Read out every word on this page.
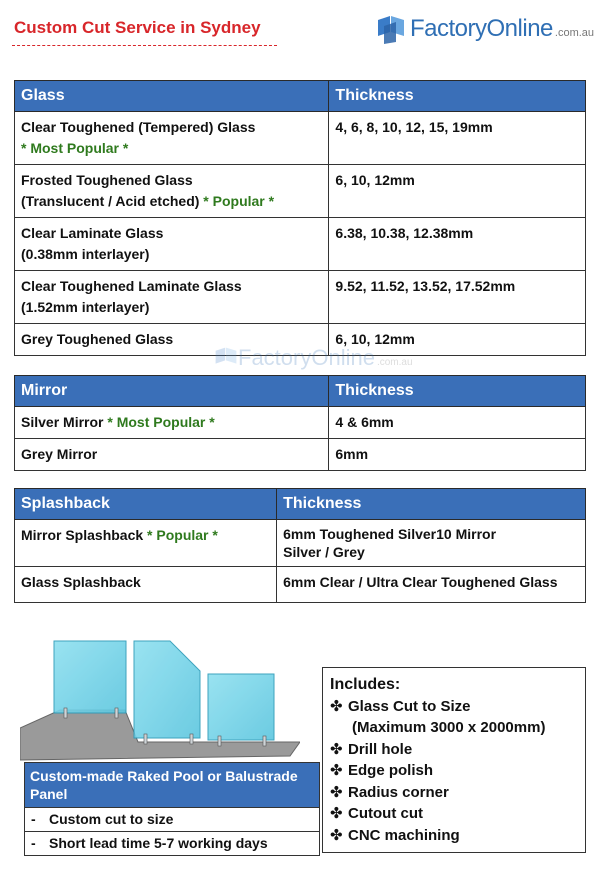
Custom Cut Service in Sydney	FactoryOnline .com.au
Glass	Thickness

Clear Toughened (Tempered) Glass
* Most Popular *	4, 6, 8, 10, 12, 15, 19mm

Frosted Toughened Glass
(Translucent / Acid etched) * Popular *	6, 10, 12mm

Clear Laminate Glass
(0.38mm interlayer)	6.38, 10.38, 12.38mm

Clear Toughened Laminate Glass
(1.52mm interlayer)	9.52, 11.52, 13.52, 17.52mm
Grey Toughened Glass	6, 10, 12mm
FactoryOnline .com.au
Mirror	Thickness
Silver Mirror * Most Popular *	4 & 6mm
Grey Mirror	6mm
Splashback	Thickness
Mirror Splashback * Popular *	6mm Toughened Silver10 Mirror
Silver / Grey

Glass Splashback	6mm Clear / Ultra Clear Toughened Glass
Custom-made Raked Pool or Balustrade Panel
- Custom cut to size
- Short lead time 5-7 working days
Includes:
✤ Glass Cut to Size
(Maximum 3000 x 2000mm)
✤ Drill hole
✤ Edge polish
✤ Radius corner
✤ Cutout cut
✤ CNC machining
